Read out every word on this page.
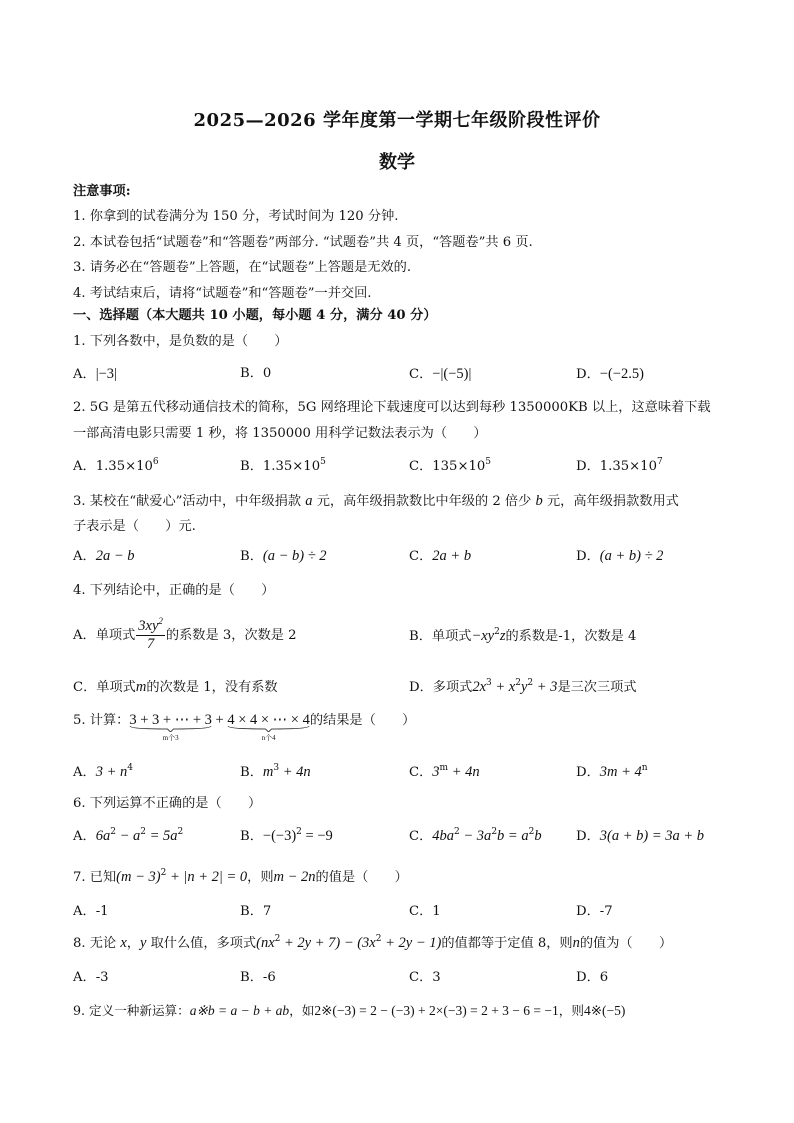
2025—2026 学年度第一学期七年级阶段性评价
数学
注意事项:
1. 你拿到的试卷满分为 150 分，考试时间为 120 分钟.
2. 本试卷包括“试题卷”和“答题卷”两部分. “试题卷”共 4 页，“答题卷”共 6 页.
3. 请务必在“答题卷”上答题，在“试题卷”上答题是无效的.
4. 考试结束后，请将“试题卷”和“答题卷”一并交回.
一、选择题（本大题共 10 小题，每小题 4 分，满分 40 分）
1. 下列各数中，是负数的是（　　）
A．|−3|	B．0	C．−|(−5)|	D．−(−2.5)
2. 5G 是第五代移动通信技术的简称，5G 网络理论下载速度可以达到每秒 1350000KB 以上，这意味着下载
一部高清电影只需要 1 秒，将 1350000 用科学记数法表示为（　　）
A．$1.35\times 10^6$	B．$1.35\times 10^5$	C．$135\times 10^5$	D．$1.35\times 10^7$
3. 某校在“献爱心”活动中，中年级捐款 a 元，高年级捐款数比中年级的 2 倍少 b 元，高年级捐款数用式
子表示是（　　）元.
A．2a − b	B．(a − b) ÷ 2	C．2a + b	D．(a + b) ÷ 2
4. 下列结论中，正确的是（　　）
A．单项式 $\frac{3xy^2}{7}$ 的系数是 3，次数是 2	B．单项式$-xy^2z$的系数是-1，次数是 4
C．单项式m的次数是 1，没有系数	D．多项式$2x^3 + x^2y^2 + 3$是三次三项式
5. 计算：3 + 3 + ⋯ + 3
m个3
+ 4 × 4 × ⋯ × 4
n个4
的结果是（　　）
A．$3 + n^4$	B．$m^3 + 4n$	C．$3^m + 4n$	D．$3m + 4^n$
6. 下列运算不正确的是（　　）
A．$6a^2 - a^2 = 5a^2$	B．$-(-3)^2 = -9$	C．$4ba^2 - 3a^2b = a^2b$	D．3(a + b) = 3a + b
7. 已知$(m - 3)^2 + |n + 2| = 0$，则m − 2n的值是（　　）
A．-1	B．7	C．1	D．-7
8. 无论 x，y 取什么值，多项式$(nx^2 + 2y + 7) - (3x^2 + 2y - 1)$的值都等于定值 8，则n的值为（　　）
A．-3	B．-6	C．3	D．6
9. 定义一种新运算：a※b = a − b + ab，如2※(−3) = 2 − (−3) + 2×(−3) = 2 + 3 − 6 = −1，则4※(−5)
